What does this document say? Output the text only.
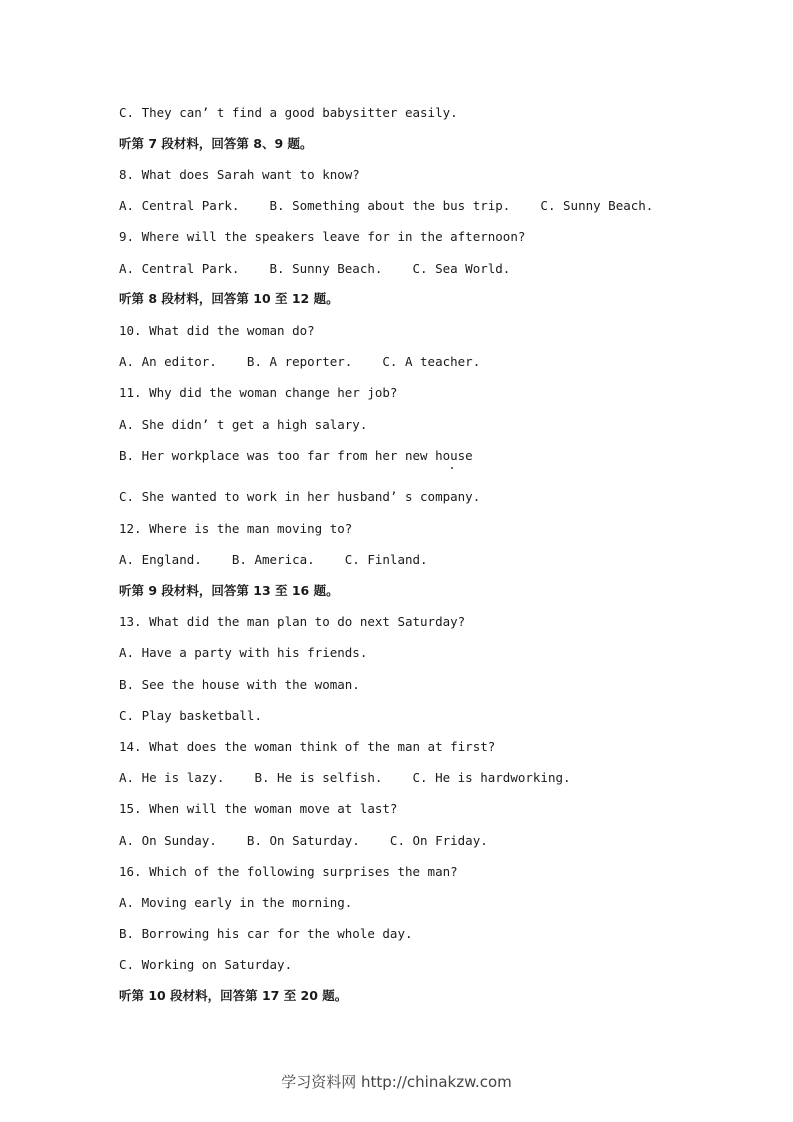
C. They can’ t find a good babysitter easily.
听第 7 段材料，回答第 8、9 题。
8. What does Sarah want to know?
A. Central Park.    B. Something about the bus trip.    C. Sunny Beach.
9. Where will the speakers leave for in the afternoon?
A. Central Park.    B. Sunny Beach.    C. Sea World.
听第 8 段材料，回答第 10 至 12 题。
10. What did the woman do?
A. An editor.    B. A reporter.    C. A teacher.
11. Why did the woman change her job?
A. She didn’ t get a high salary.
B. Her workplace was too far from her new house
C. She wanted to work in her husband’ s company.
12. Where is the man moving to?
A. England.    B. America.    C. Finland.
听第 9 段材料，回答第 13 至 16 题。
13. What did the man plan to do next Saturday?
A. Have a party with his friends.
B. See the house with the woman.
C. Play basketball.
14. What does the woman think of the man at first?
A. He is lazy.    B. He is selfish.    C. He is hardworking.
15. When will the woman move at last?
A. On Sunday.    B. On Saturday.    C. On Friday.
16. Which of the following surprises the man?
A. Moving early in the morning.
B. Borrowing his car for the whole day.
C. Working on Saturday.
听第 10 段材料，回答第 17 至 20 题。
学习资料网 http://chinakzw.com
